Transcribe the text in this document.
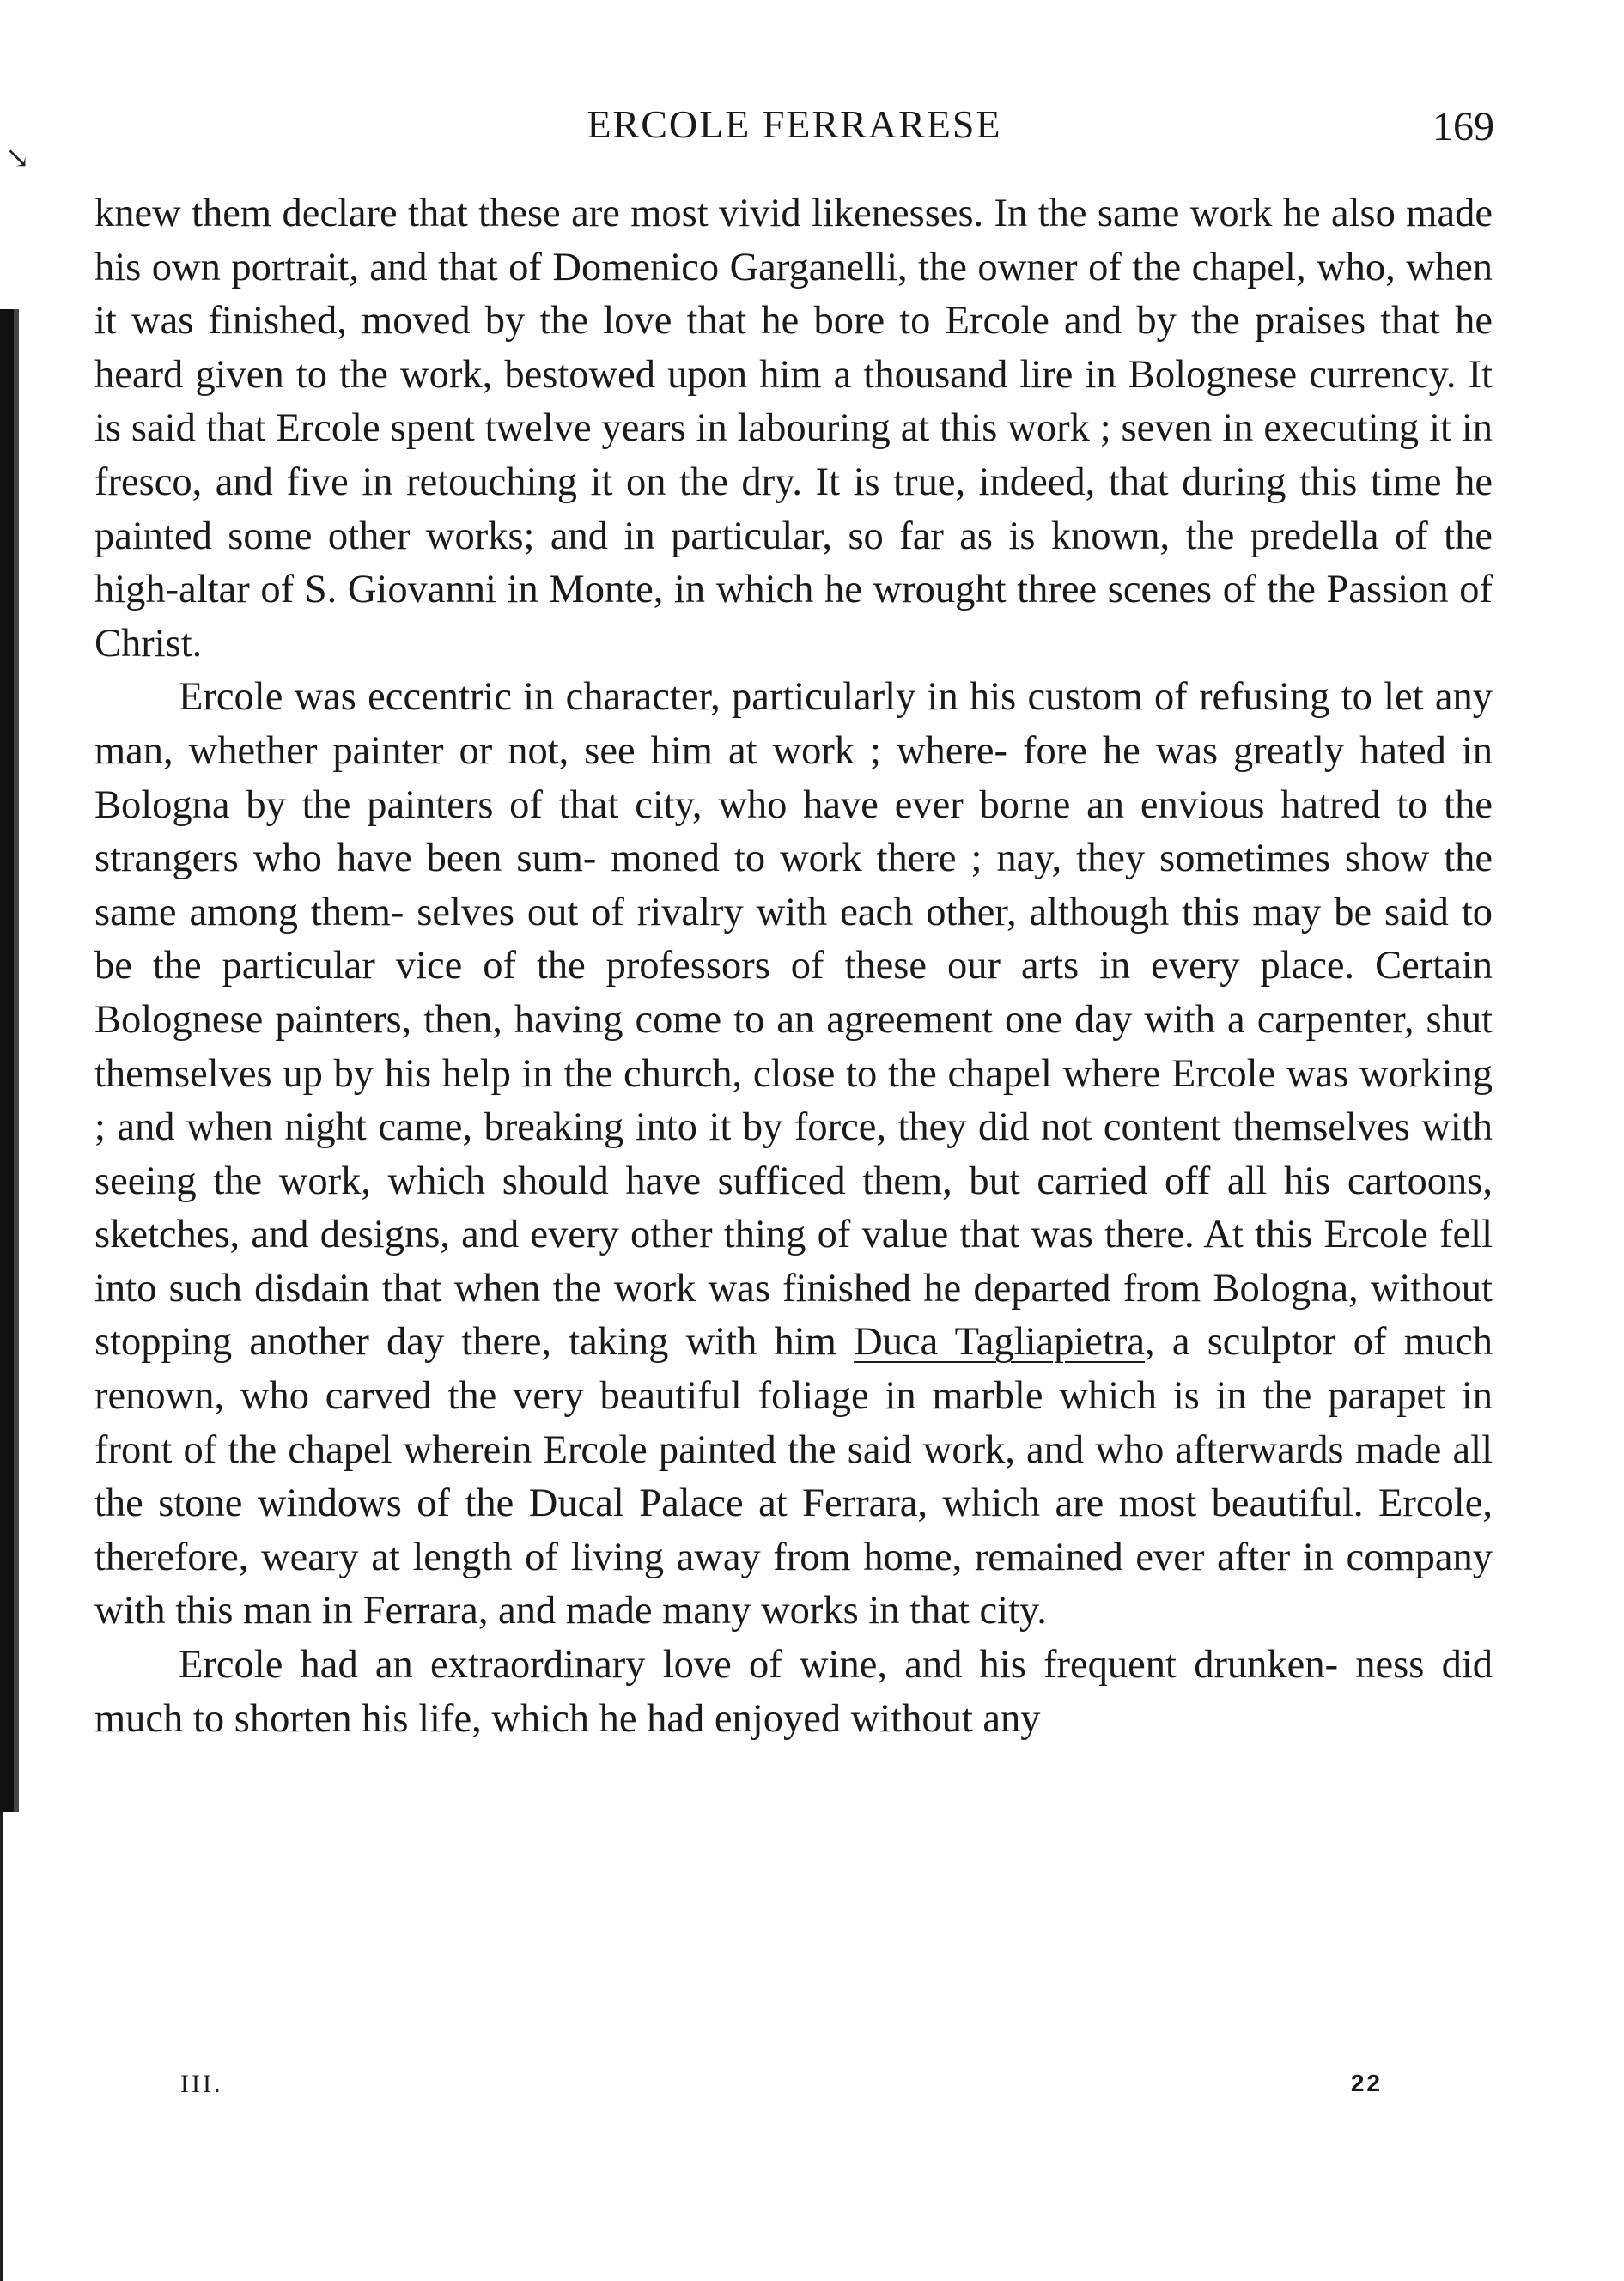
↘
ERCOLE FERRARESE	169

knew them declare that these are most vivid likenesses. In the same work he also made his own portrait, and that of Domenico Garganelli, the owner of the chapel, who, when it was finished, moved by the love that he bore to Ercole and by the praises that he heard given to the work, bestowed upon him a thousand lire in Bolognese currency. It is said that Ercole spent twelve years in labouring at this work ; seven in executing it in fresco, and five in retouching it on the dry. It is true, indeed, that during this time he painted some other works; and in particular, so far as is known, the predella of the high-altar of S. Giovanni in Monte, in which he wrought three scenes of the Passion of Christ.

Ercole was eccentric in character, particularly in his custom of refusing to let any man, whether painter or not, see him at work ; where- fore he was greatly hated in Bologna by the painters of that city, who have ever borne an envious hatred to the strangers who have been sum- moned to work there ; nay, they sometimes show the same among them- selves out of rivalry with each other, although this may be said to be the particular vice of the professors of these our arts in every place. Certain Bolognese painters, then, having come to an agreement one day with a carpenter, shut themselves up by his help in the church, close to the chapel where Ercole was working ; and when night came, breaking into it by force, they did not content themselves with seeing the work, which should have sufficed them, but carried off all his cartoons, sketches, and designs, and every other thing of value that was there. At this Ercole fell into such disdain that when the work was finished he departed from Bologna, without stopping another day there, taking with him Duca Tagliapietra, a sculptor of much renown, who carved the very beautiful foliage in marble which is in the parapet in front of the chapel wherein Ercole painted the said work, and who afterwards made all the stone windows of the Ducal Palace at Ferrara, which are most beautiful. Ercole, therefore, weary at length of living away from home, remained ever after in company with this man in Ferrara, and made many works in that city.

Ercole had an extraordinary love of wine, and his frequent drunken- ness did much to shorten his life, which he had enjoyed without any

III.	22
